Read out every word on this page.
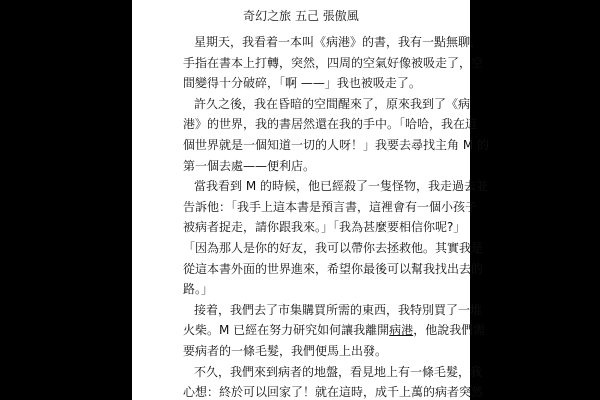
奇幻之旅 五己 張傲風
星期天，我看着一本叫《病港》的書，我有一點無聊，
手指在書本上打轉，突然，四周的空氣好像被吸走了，空
間變得十分破碎，「啊 ——」我也被吸走了。
許久之後，我在昏暗的空間醒來了，原來我到了《病
港》的世界，我的書居然還在我的手中。「哈哈，我在這
個世界就是一個知道一切的人呀！」我要去尋找主角 M 的
第一個去處——便利店。
當我看到 M 的時候，他已經殺了一隻怪物，我走過去並
告訴他：「我手上這本書是預言書，這裡會有一個小孩子
被病者捉走，請你跟我來。」「我為甚麼要相信你呢?」
「因為那人是你的好友，我可以帶你去拯救他。其實我是
從這本書外面的世界進來，希望你最後可以幫我找出去的
路。」
接着，我們去了市集購買所需的東西，我特別買了一堆
火柴。M 已經在努力研究如何讓我離開病港，他說我們需
要病者的一條毛髮，我們便馬上出發。
不久，我們來到病者的地盤，看見地上有一條毛髮，我
心想：終於可以回家了！就在這時，成千上萬的病者突然
